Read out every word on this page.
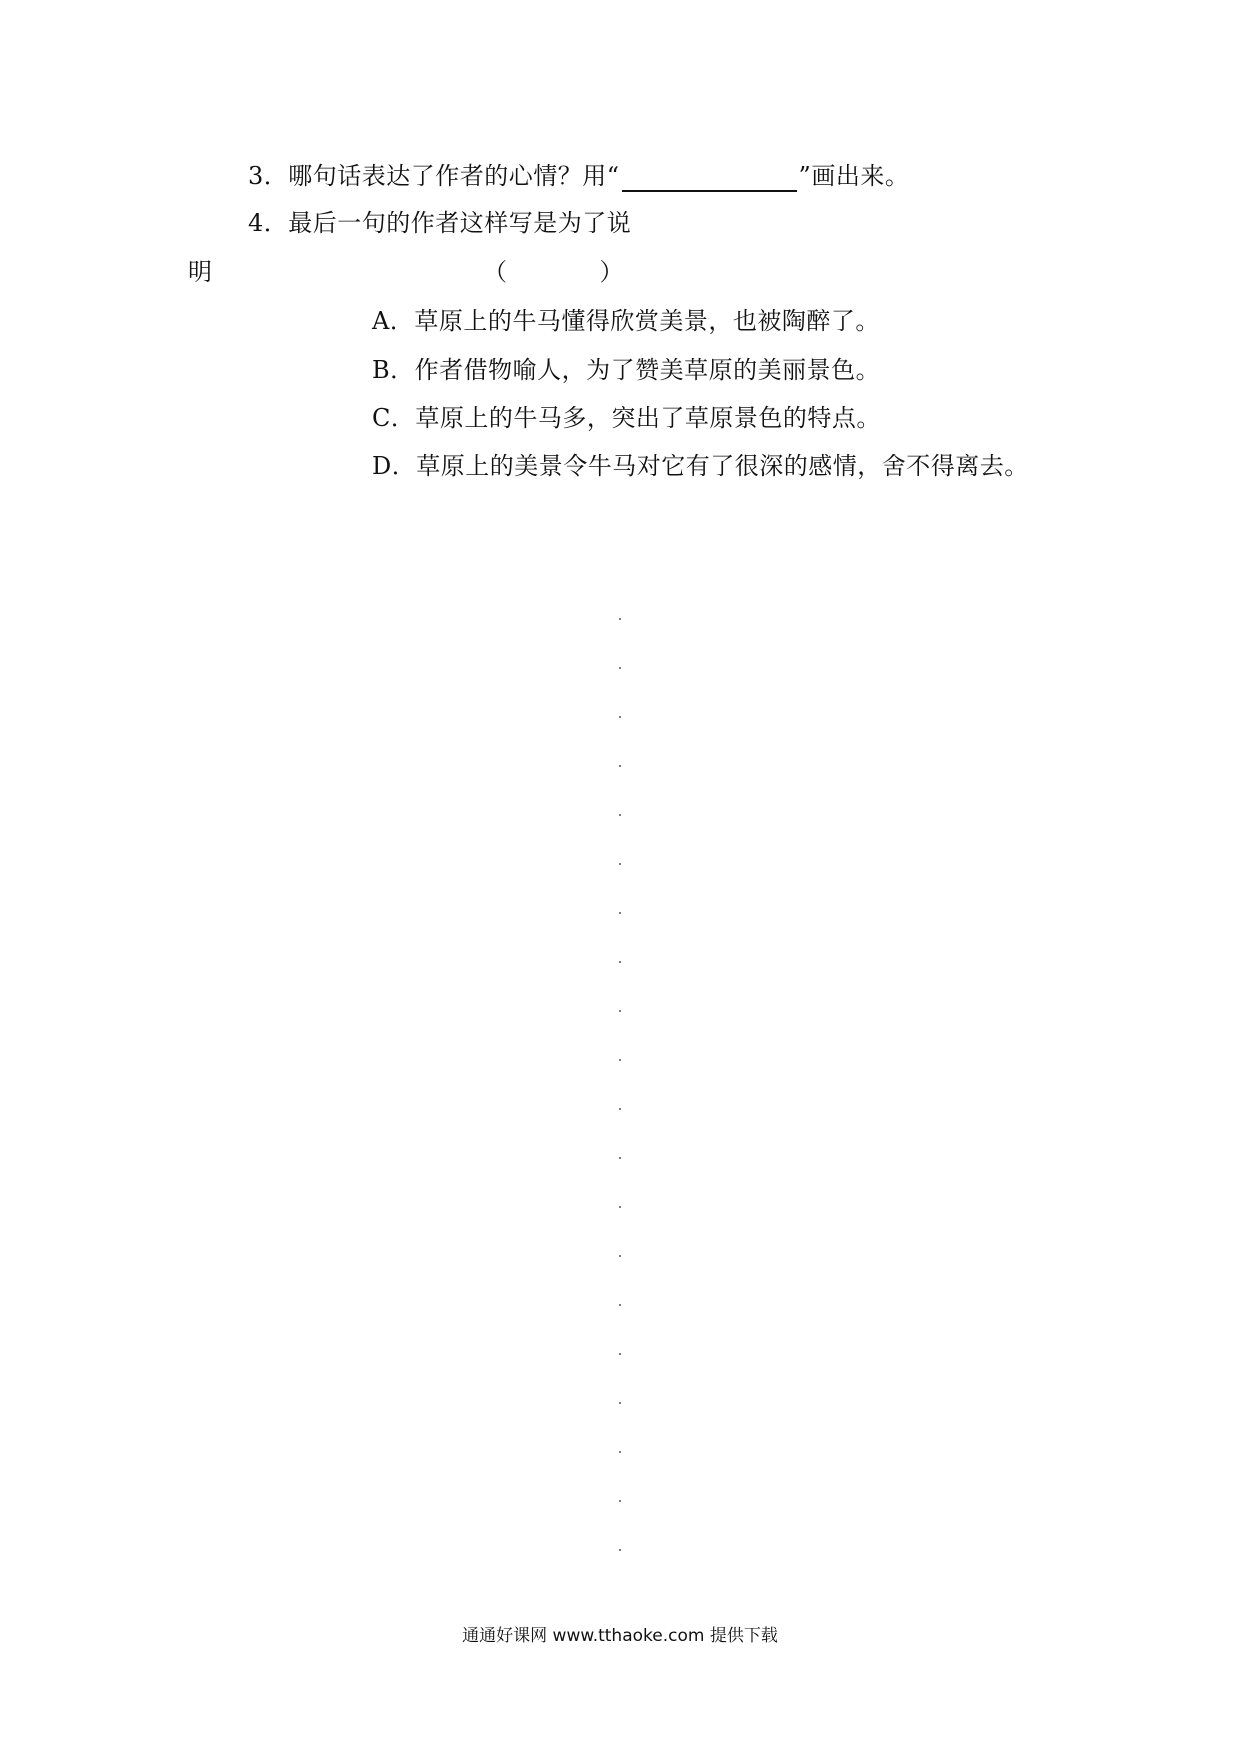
3．哪句话表达了作者的心情？用“	”画出来。
4．最后一句的作者这样写是为了说
明	（	）
A．草原上的牛马懂得欣赏美景，也被陶醉了。
B．作者借物喻人，为了赞美草原的美丽景色。
C．草原上的牛马多，突出了草原景色的特点。
D．草原上的美景令牛马对它有了很深的感情，舍不得离去。
通通好课网 www.tthaoke.com 提供下载
